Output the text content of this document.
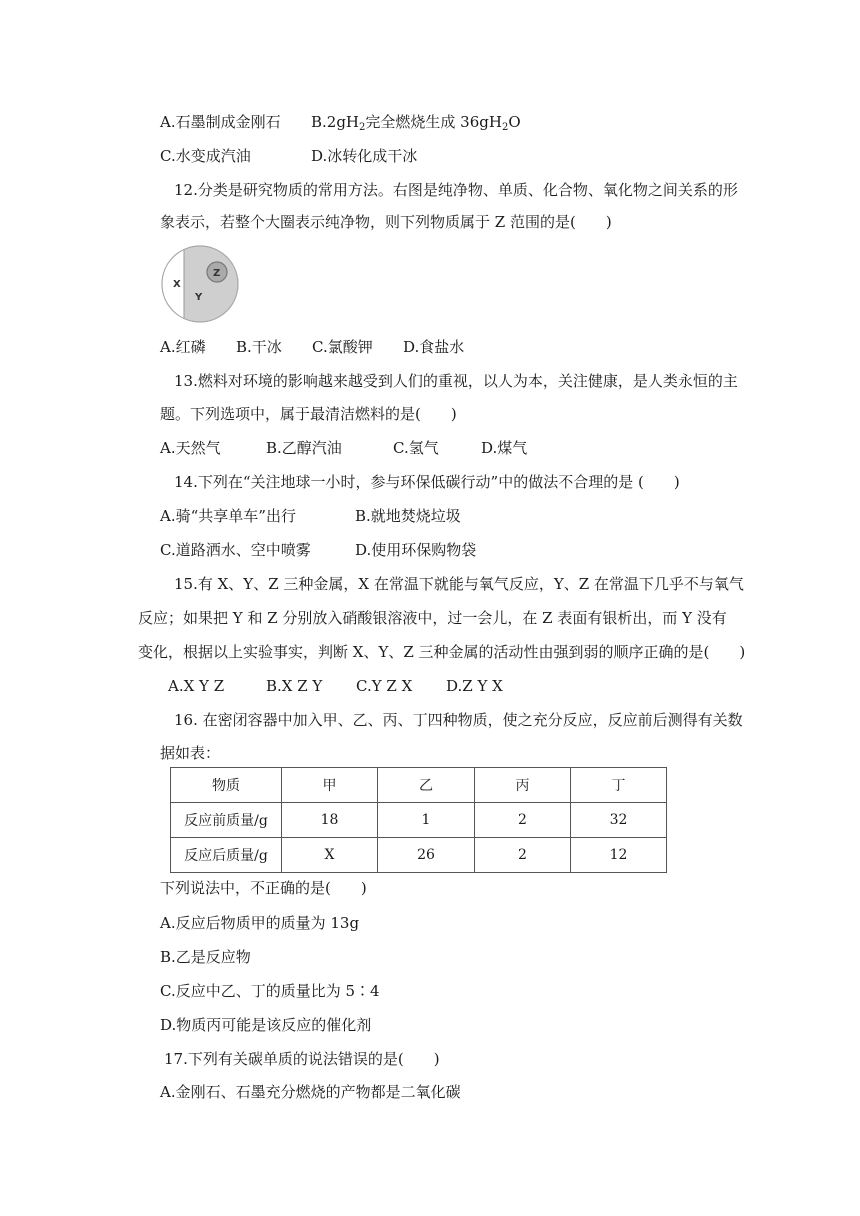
A.石墨制成金刚石 $B.2gH_2$完全燃烧生成 $36gH_2O$
C.水变成汽油	D.冰转化成干冰
12.分类是研究物质的常用方法。右图是纯净物、单质、化合物、氧化物之间关系的形
象表示，若整个大圈表示纯净物，则下列物质属于 Z 范围的是(　　)
X
Y
Z
A.红磷 B.干冰 C.氯酸钾 D.食盐水
13.燃料对环境的影响越来越受到人们的重视，以人为本，关注健康，是人类永恒的主
题。下列选项中，属于最清洁燃料的是(　　)
A.天然气	B.乙醇汽油	C.氢气	D.煤气
14.下列在“关注地球一小时，参与环保低碳行动”中的做法不合理的是 (　　)
A.骑“共享单车”出行	B.就地焚烧垃圾
C.道路洒水、空中喷雾	D.使用环保购物袋
15.有 X、Y、Z 三种金属，X 在常温下就能与氧气反应，Y、Z 在常温下几乎不与氧气
反应；如果把 Y 和 Z 分别放入硝酸银溶液中，过一会儿，在 Z 表面有银析出，而 Y 没有
变化，根据以上实验事实，判断 X、Y、Z 三种金属的活动性由强到弱的顺序正确的是(　　)
A.X Y Z	B.X Z Y C.Y Z X D.Z Y X
16. 在密闭容器中加入甲、乙、丙、丁四种物质，使之充分反应，反应前后测得有关数
据如表：
物质	甲	乙	丙	丁
反应前质量/g	18	1	2	32
反应后质量/g	X	26	2	12
下列说法中，不正确的是(　　)
A.反应后物质甲的质量为 13g
B.乙是反应物
C.反应中乙、丁的质量比为 5∶4
D.物质丙可能是该反应的催化剂
17.下列有关碳单质的说法错误的是(　　)
A.金刚石、石墨充分燃烧的产物都是二氧化碳
